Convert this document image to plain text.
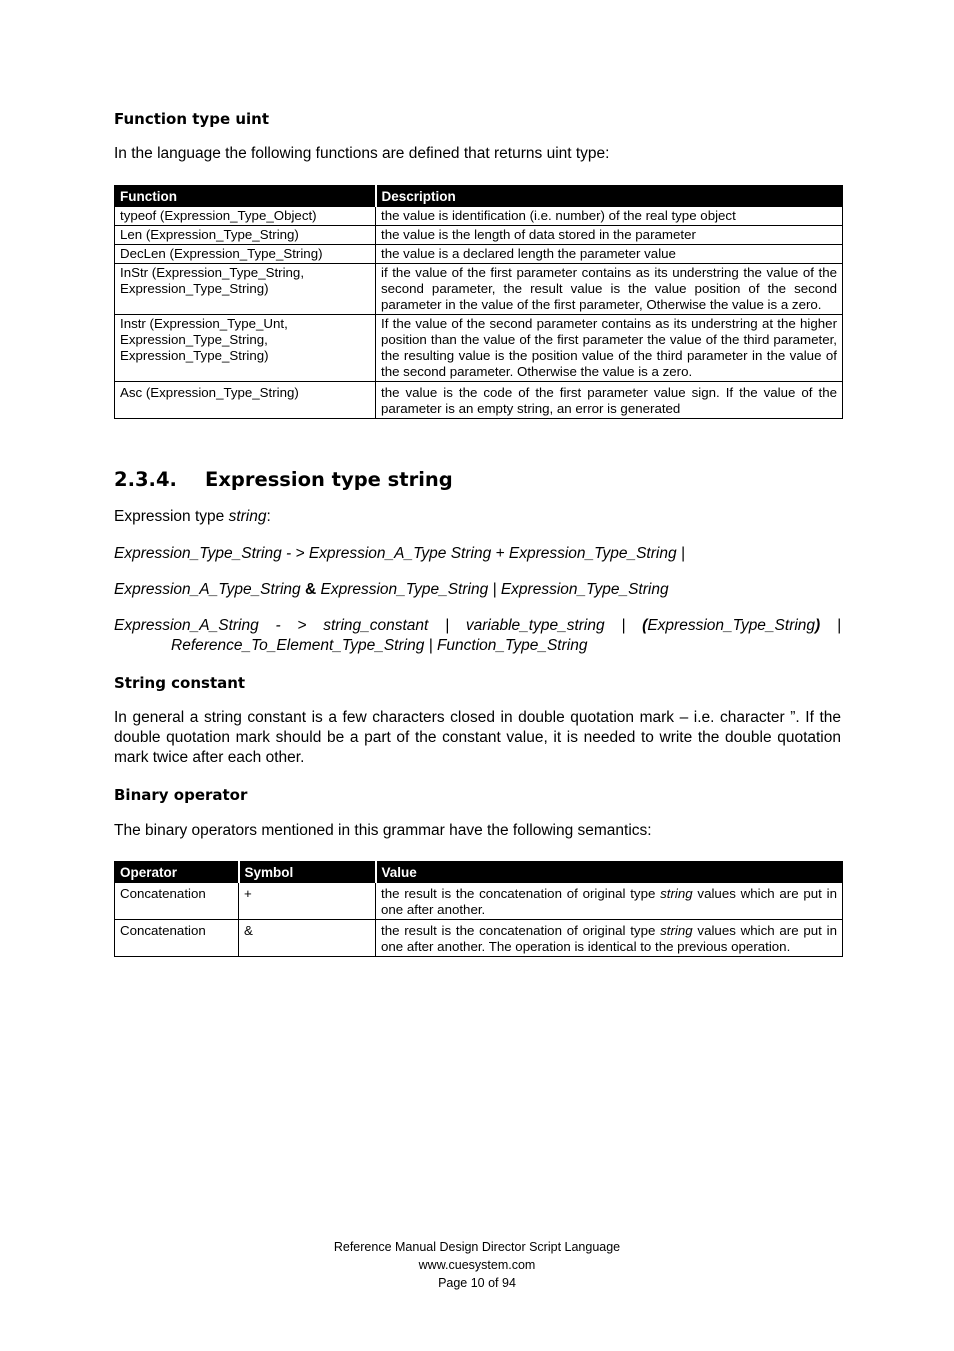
Function type uint

In the language the following functions are defined that returns uint type:

Function	Description
typeof (Expression_Type_Object)	the value is identification (i.e. number) of the real type object
Len (Expression_Type_String)	the value is the length of data stored in the parameter
DecLen (Expression_Type_String)	the value is a declared length the parameter value
InStr (Expression_Type_String, Expression_Type_String)	if the value of the first parameter contains as its understring the value of the second parameter, the result value is the value position of the second parameter in the value of the first parameter, Otherwise the value is a zero.
Instr (Expression_Type_Unt, Expression_Type_String, Expression_Type_String)	If the value of the second parameter contains as its understring at the higher position than the value of the first parameter the value of the third parameter, the resulting value is the position value of the third parameter in the value of the second parameter. Otherwise the value is a zero.
Asc (Expression_Type_String)	the value is the code of the first parameter value sign. If the value of the parameter is an empty string, an error is generated
2.3.4. Expression type string

Expression type string:

Expression_Type_String - > Expression_A_Type String + Expression_Type_String |

Expression_A_Type_String & Expression_Type_String | Expression_Type_String

Expression_A_String - > string_constant | variable_type_string | (Expression_Type_String) |
Reference_To_Element_Type_String | Function_Type_String
String constant

In general a string constant is a few characters closed in double quotation mark – i.e. character ”. If the double quotation mark should be a part of the constant value, it is needed to write the double quotation mark twice after each other.

Binary operator

The binary operators mentioned in this grammar have the following semantics:

Operator	Symbol	Value
Concatenation	+	the result is the concatenation of original type string values which are put in one after another.
Concatenation	&	the result is the concatenation of original type string values which are put in one after another. The operation is identical to the previous operation.
Reference Manual Design Director Script Language
www.cuesystem.com
Page 10 of 94
